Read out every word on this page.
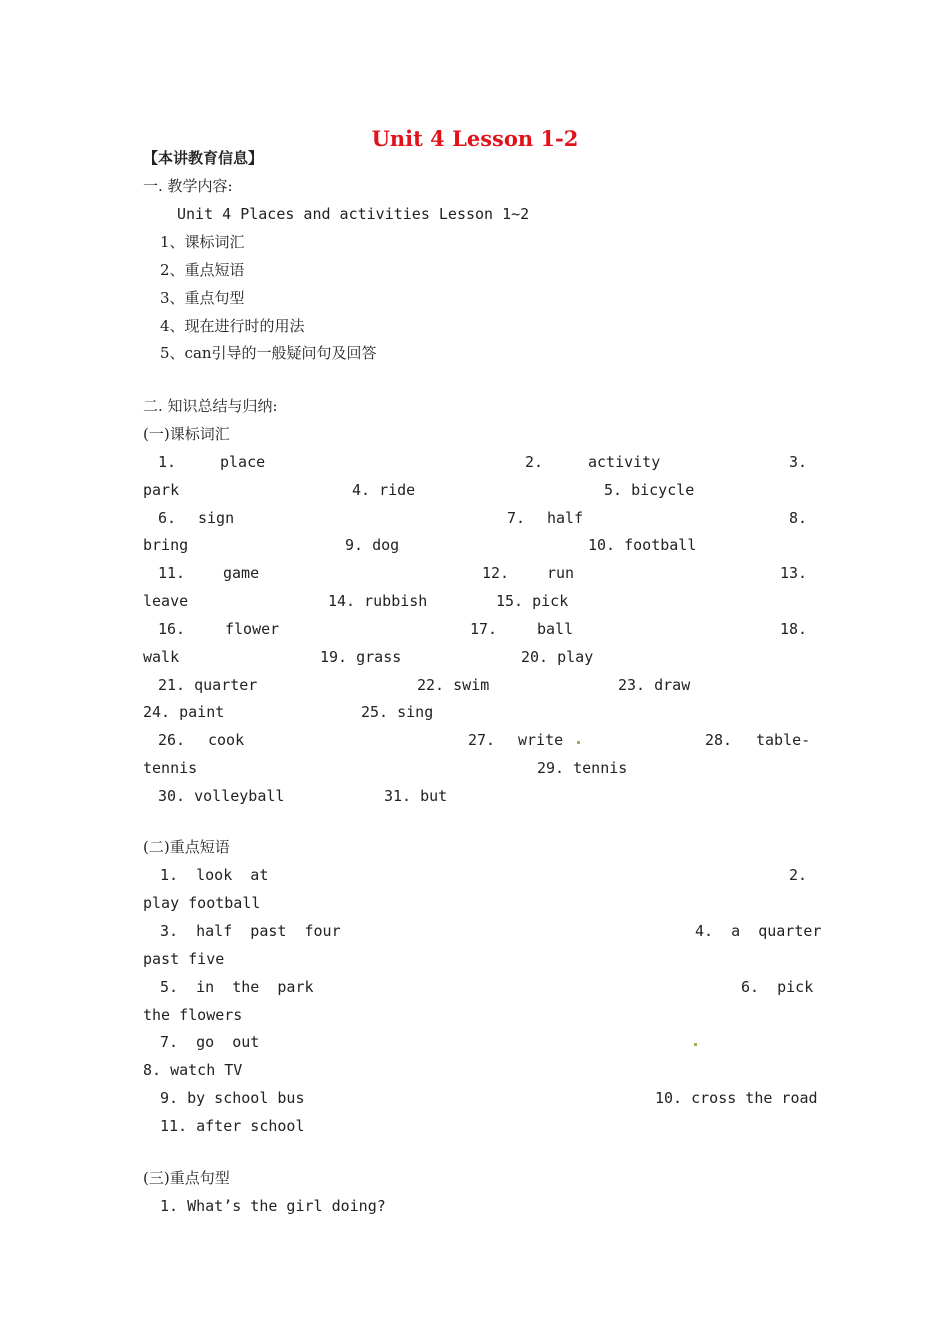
Unit 4 Lesson 1-2
【本讲教育信息】
一. 教学内容:
Unit 4 Places and activities Lesson 1~2
1、课标词汇
2、重点短语
3、重点句型
4、现在进行时的用法
5、can引导的一般疑问句及回答
二. 知识总结与归纳:
(一)课标词汇
1.	place	2.	activity	3.
park	4. ride	5. bicycle
6. sign	7. half	8.
bring	9. dog	10. football
11.	game	12.	run	13.
leave	14. rubbish	15. pick
16.	flower	17.	ball	18.
walk	19. grass	20. play
21. quarter	22. swim	23. draw
24. paint	25. sing
26. cook	27. write	28. table-
tennis	29. tennis
30. volleyball	31. but
(二)重点短语
1.  look  at	2.
play football
3.  half  past  four	4.  a  quarter
past five
5.  in  the  park	6.  pick
the flowers
7.  go  out
8. watch TV
9. by school bus	10. cross the road
11. after school
(三)重点句型
1. What’s the girl doing?
